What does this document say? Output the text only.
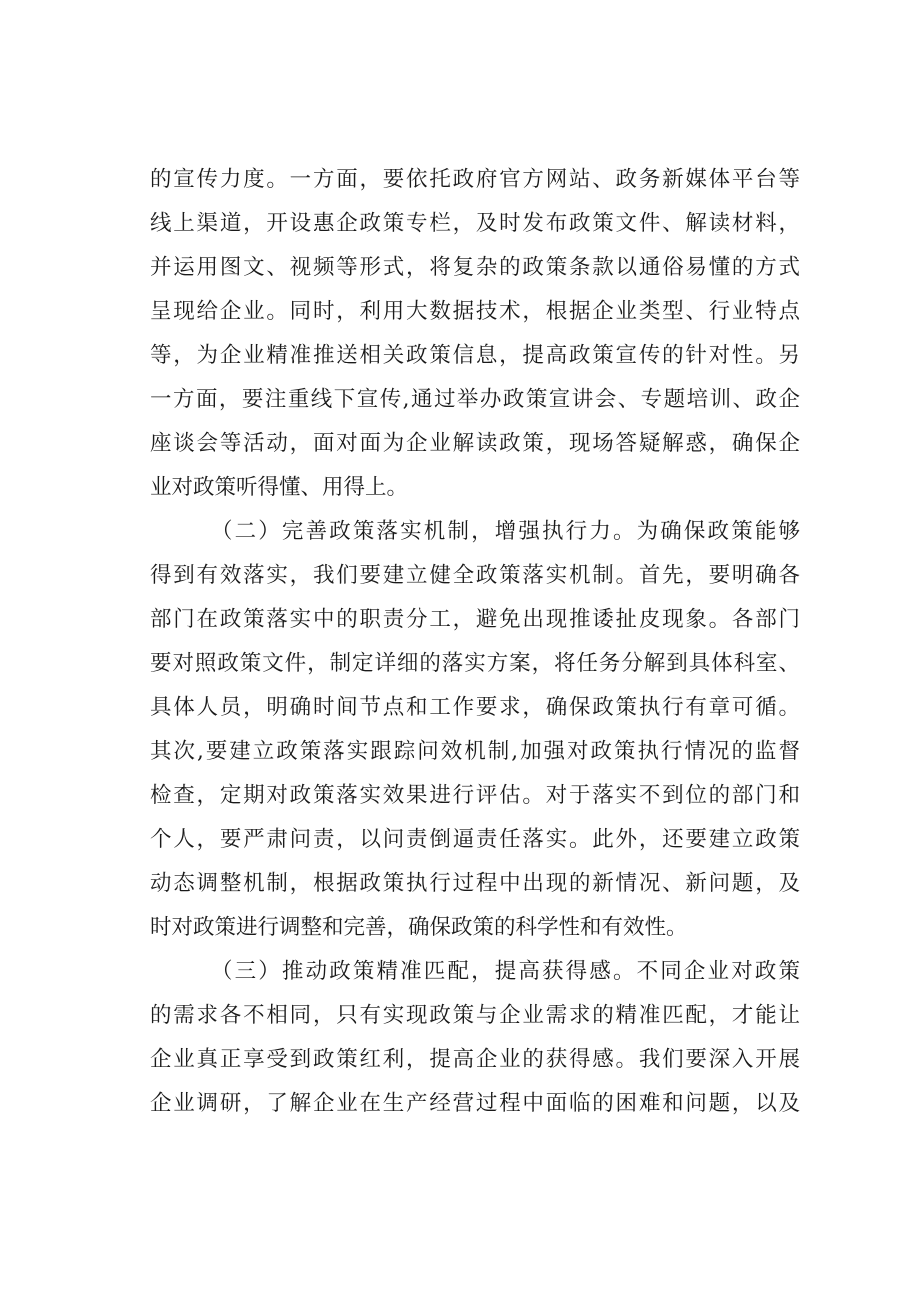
的宣传力度。一方面，要依托政府官方网站、政务新媒体平台等
线上渠道，开设惠企政策专栏，及时发布政策文件、解读材料，
并运用图文、视频等形式，将复杂的政策条款以通俗易懂的方式
呈现给企业。同时，利用大数据技术，根据企业类型、行业特点
等，为企业精准推送相关政策信息，提高政策宣传的针对性。另
一方面，要注重线下宣传,通过举办政策宣讲会、专题培训、政企
座谈会等活动，面对面为企业解读政策，现场答疑解惑，确保企
业对政策听得懂、用得上。
（二）完善政策落实机制，增强执行力。为确保政策能够
得到有效落实，我们要建立健全政策落实机制。首先，要明确各
部门在政策落实中的职责分工，避免出现推诿扯皮现象。各部门
要对照政策文件，制定详细的落实方案，将任务分解到具体科室、
具体人员，明确时间节点和工作要求，确保政策执行有章可循。
其次,要建立政策落实跟踪问效机制,加强对政策执行情况的监督
检查，定期对政策落实效果进行评估。对于落实不到位的部门和
个人，要严肃问责，以问责倒逼责任落实。此外，还要建立政策
动态调整机制，根据政策执行过程中出现的新情况、新问题，及
时对政策进行调整和完善，确保政策的科学性和有效性。
（三）推动政策精准匹配，提高获得感。不同企业对政策
的需求各不相同，只有实现政策与企业需求的精准匹配，才能让
企业真正享受到政策红利，提高企业的获得感。我们要深入开展
企业调研，了解企业在生产经营过程中面临的困难和问题，以及
